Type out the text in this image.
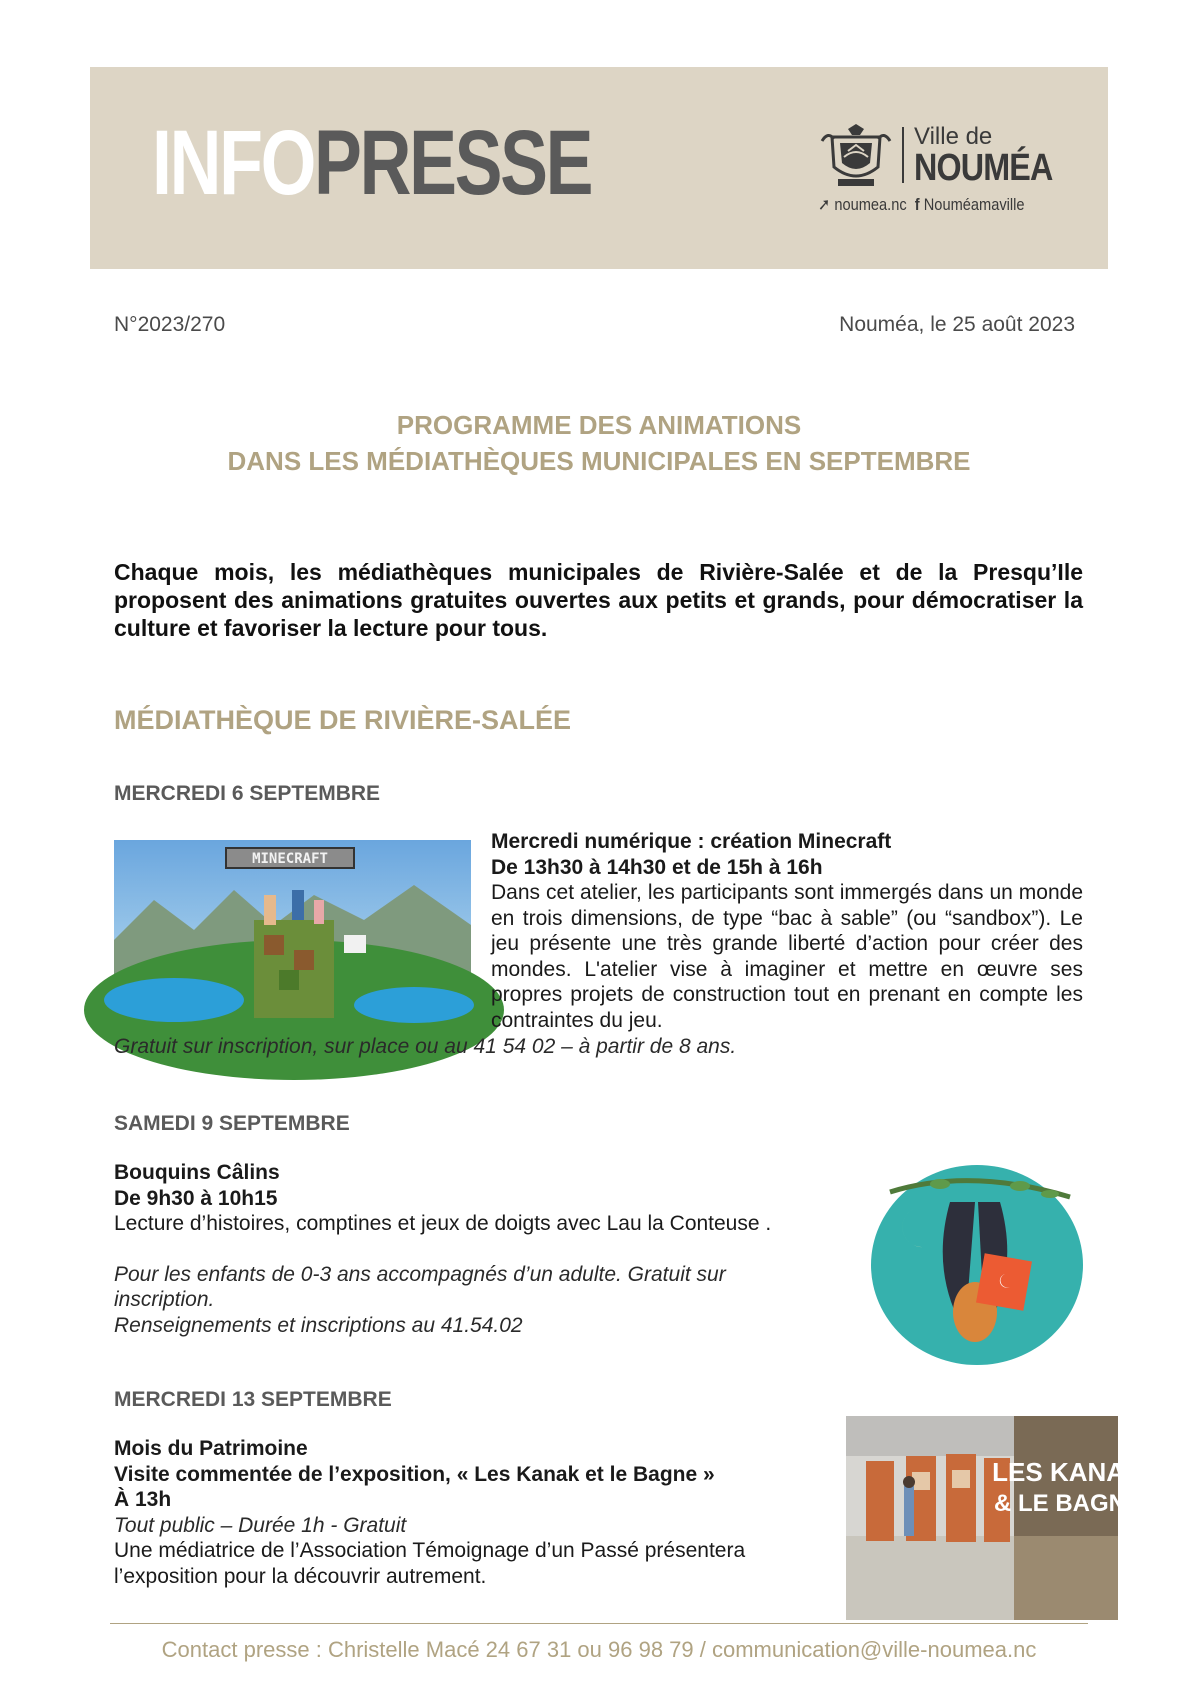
INFOPRESSE	Ville de
NOUMÉA
➚ noumea.nc f Nouméamaville
N°2023/270	Nouméa, le 25 août 2023
PROGRAMME DES ANIMATIONS
DANS LES MÉDIATHÈQUES MUNICIPALES EN SEPTEMBRE
Chaque mois, les médiathèques municipales de Rivière-Salée et de la Presqu’Ile proposent des animations gratuites ouvertes aux petits et grands, pour démocratiser la culture et favoriser la lecture pour tous.
MÉDIATHÈQUE DE RIVIÈRE-SALÉE
MERCREDI 6 SEPTEMBRE
MINECRAFT
Mercredi numérique : création Minecraft
De 13h30 à 14h30 et de 15h à 16h
Dans cet atelier, les participants sont immergés dans un monde en trois dimensions, de type “bac à sable” (ou “sandbox”). Le jeu présente une très grande liberté d’action pour créer des mondes. L'atelier vise à imaginer et mettre en œuvre ses propres projets de construction tout en prenant en compte les contraintes du jeu.
Gratuit sur inscription, sur place ou au 41 54 02 – à partir de 8 ans.
SAMEDI 9 SEPTEMBRE
Bouquins Câlins
De 9h30 à 10h15
Lecture d’histoires, comptines et jeux de doigts avec Lau la Conteuse .
Pour les enfants de 0-3 ans accompagnés d’un adulte. Gratuit sur inscription.
Renseignements et inscriptions au 41.54.02
MERCREDI 13 SEPTEMBRE
Mois du Patrimoine
Visite commentée de l’exposition, « Les Kanak et le Bagne »
À 13h
Tout public – Durée 1h - Gratuit
Une médiatrice de l’Association Témoignage d’un Passé présentera l’exposition pour la découvrir autrement.
LES KANAK
& LE BAGNE
Contact presse : Christelle Macé 24 67 31 ou 96 98 79 / communication@ville-noumea.nc
